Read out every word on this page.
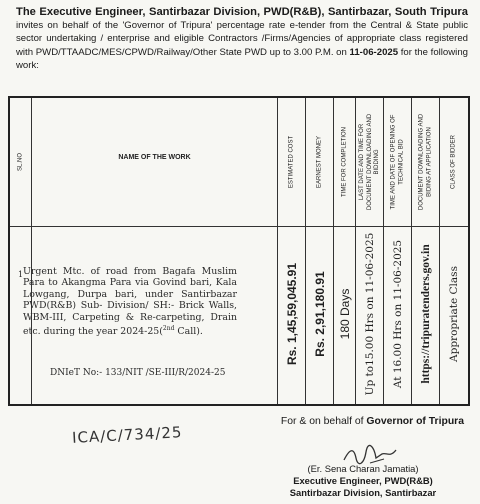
The Executive Engineer, Santirbazar Division, PWD(R&B), Santirbazar, South Tripura invites on behalf of the 'Governor of Tripura' percentage rate e-tender from the Central & State public sector undertaking / enterprise and eligible Contractors /Firms/Agencies of appropriate class registered with PWD/TTAADC/MES/CPWD/Railway/Other State PWD up to 3.00 P.M. on 11-06-2025 for the following work:
SL.NO
1
NAME OF THE WORK	ESTIMATED COST
Rs. 1,45,59,045.91
EARNEST MONEY
Rs. 2,91,180.91
TIME FOR COMPLETION
180 Days
LAST DATE AND TIME FOR
DOCUMENT DOWNLOADING AND
BIDDING
Up to15.00 Hrs on 11-06-2025
TIME AND DATE OF OPENING OF
TECHNICAL BID
At 16.00 Hrs on 11-06-2025
DOCUMENT DOWNLOADING AND
BIDING AT APPLICATION
https://tripuratenders.gov.in
CLASS OF BIDDER
Appropriate Class
Urgent Mtc. of road from Bagafa Muslim Para to Akangma Para via Govind bari, Kala Lowgang, Durpa bari, under Santirbazar PWD(R&B) Sub- Division/ SH:- Brick Walls, WBM-III, Carpeting & Re-carpeting, Drain etc. during the year 2024-25($^{2nd}$ Call).
DNIeT No:- 133/NIT /SE-III/R/2024-25
For & on behalf of Governor of Tripura
ICA/C/734/25
(Er. Sena Charan Jamatia)
Executive Engineer, PWD(R&B)
Santirbazar Division, Santirbazar
